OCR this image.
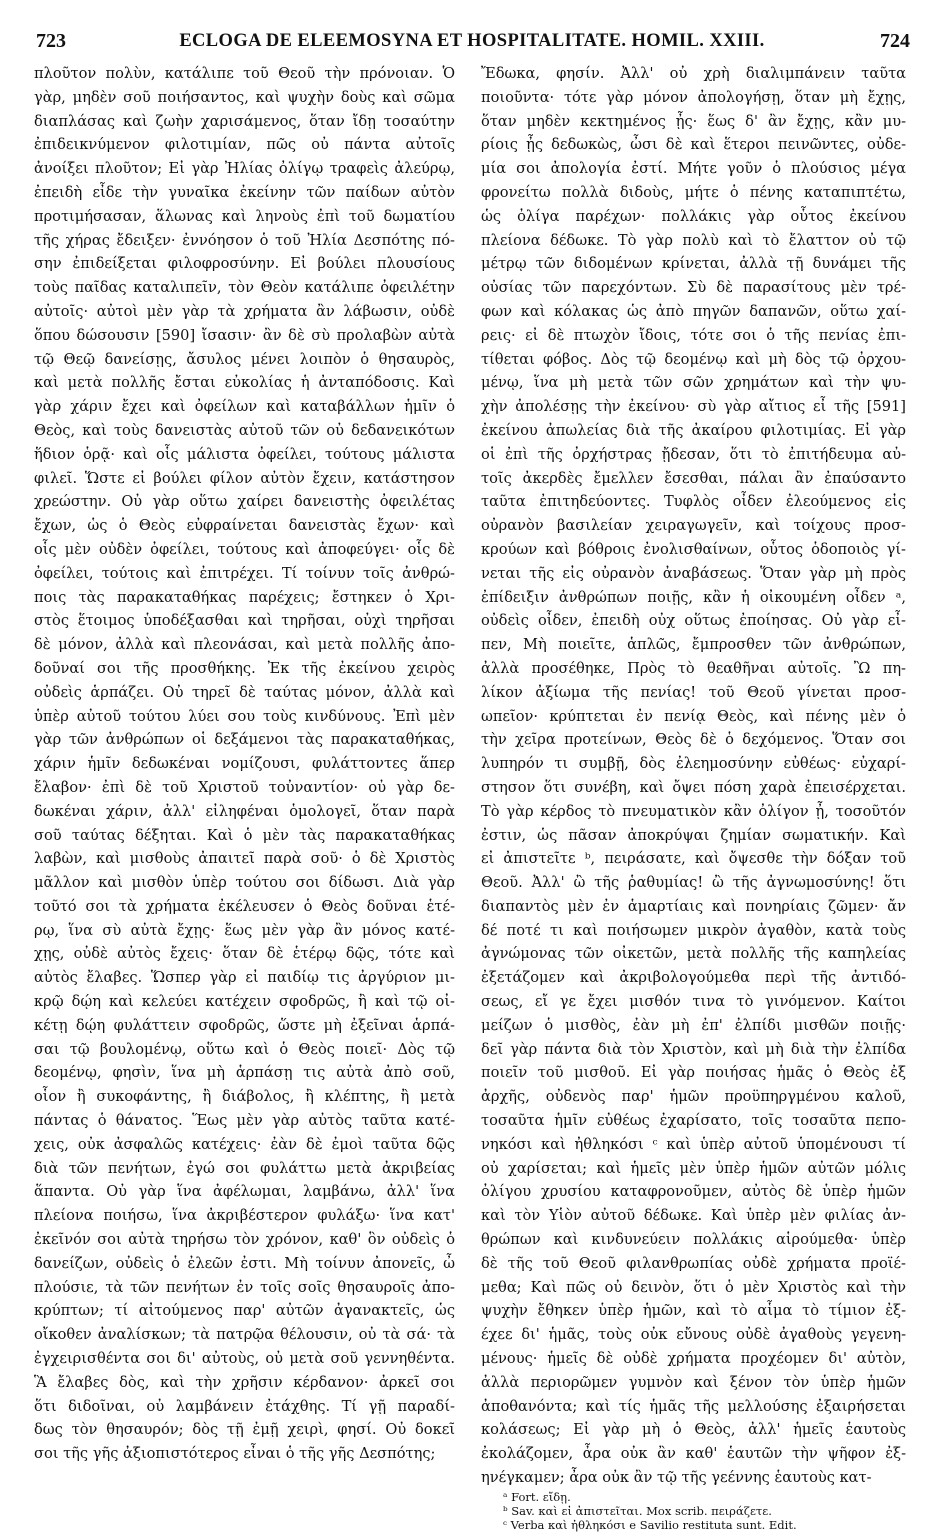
723	ECLOGA DE ELEEMOSYNA ET HOSPITALITATE. HOMIL. XXIII.	724
πλοῦτον πολὺν, κατάλιπε τοῦ Θεοῦ τὴν πρόνοιαν. Ὁ
γὰρ, μηδὲν σοῦ ποιήσαντος, καὶ ψυχὴν δοὺς καὶ σῶμα
διαπλάσας καὶ ζωὴν χαρισάμενος, ὅταν ἴδῃ τοσαύτην
ἐπιδεικνύμενον φιλοτιμίαν, πῶς οὐ πάντα αὐτοῖς
ἀνοίξει πλοῦτον; Εἰ γὰρ Ἠλίας ὀλίγῳ τραφεὶς ἀλεύρῳ,
ἐπειδὴ εἶδε τὴν γυναῖκα ἐκείνην τῶν παίδων αὐτὸν
προτιμήσασαν, ἅλωνας καὶ ληνοὺς ἐπὶ τοῦ δωματίου
τῆς χήρας ἔδειξεν· ἐννόησον ὁ τοῦ Ἠλία Δεσπότης πό-
σην ἐπιδείξεται φιλοφροσύνην. Εἰ βούλει πλουσίους
τοὺς παῖδας καταλιπεῖν, τὸν Θεὸν κατάλιπε ὀφειλέτην
αὐτοῖς· αὐτοὶ μὲν γὰρ τὰ χρήματα ἂν λάβωσιν, οὐδὲ
ὅπου δώσουσιν [590] ἴσασιν· ἂν δὲ σὺ προλαβὼν αὐτὰ
τῷ Θεῷ δανείσῃς, ἄσυλος μένει λοιπὸν ὁ θησαυρὸς,
καὶ μετὰ πολλῆς ἔσται εὐκολίας ἡ ἀνταπόδοσις. Καὶ
γὰρ χάριν ἔχει καὶ ὀφείλων καὶ καταβάλλων ἡμῖν ὁ
Θεὸς, καὶ τοὺς δανειστὰς αὐτοῦ τῶν οὐ δεδανεικότων
ἥδιον ὁρᾷ· καὶ οἷς μάλιστα ὀφείλει, τούτους μάλιστα
φιλεῖ. Ὥστε εἰ βούλει φίλον αὐτὸν ἔχειν, κατάστησον
χρεώστην. Οὐ γὰρ οὕτω χαίρει δανειστὴς ὀφειλέτας
ἔχων, ὡς ὁ Θεὸς εὐφραίνεται δανειστὰς ἔχων· καὶ
οἷς μὲν οὐδὲν ὀφείλει, τούτους καὶ ἀποφεύγει· οἷς δὲ
ὀφείλει, τούτοις καὶ ἐπιτρέχει. Τί τοίνυν τοῖς ἀνθρώ-
ποις τὰς παρακαταθήκας παρέχεις; ἔστηκεν ὁ Χρι-
στὸς ἕτοιμος ὑποδέξασθαι καὶ τηρῆσαι, οὐχὶ τηρῆσαι
δὲ μόνον, ἀλλὰ καὶ πλεονάσαι, καὶ μετὰ πολλῆς ἀπο-
δοῦναί σοι τῆς προσθήκης. Ἐκ τῆς ἐκείνου χειρὸς
οὐδεὶς ἁρπάζει. Οὐ τηρεῖ δὲ ταύτας μόνον, ἀλλὰ καὶ
ὑπὲρ αὐτοῦ τούτου λύει σου τοὺς κινδύνους. Ἐπὶ μὲν
γὰρ τῶν ἀνθρώπων οἱ δεξάμενοι τὰς παρακαταθήκας,
χάριν ἡμῖν δεδωκέναι νομίζουσι, φυλάττοντες ἅπερ
ἔλαβον· ἐπὶ δὲ τοῦ Χριστοῦ τοὐναντίον· οὐ γὰρ δε-
δωκέναι χάριν, ἀλλ' εἰληφέναι ὁμολογεῖ, ὅταν παρὰ
σοῦ ταύτας δέξηται. Καὶ ὁ μὲν τὰς παρακαταθήκας
λαβὼν, καὶ μισθοὺς ἀπαιτεῖ παρὰ σοῦ· ὁ δὲ Χριστὸς
μᾶλλον καὶ μισθὸν ὑπὲρ τούτου σοι δίδωσι. Διὰ γὰρ
τοῦτό σοι τὰ χρήματα ἐκέλευσεν ὁ Θεὸς δοῦναι ἑτέ-
ρῳ, ἵνα σὺ αὐτὰ ἔχῃς· ἕως μὲν γὰρ ἂν μόνος κατέ-
χῃς, οὐδὲ αὐτὸς ἔχεις· ὅταν δὲ ἑτέρῳ δῷς, τότε καὶ
αὐτὸς ἔλαβες. Ὥσπερ γὰρ εἰ παιδίῳ τις ἀργύριον μι-
κρῷ δῴη καὶ κελεύει κατέχειν σφοδρῶς, ἢ καὶ τῷ οἰ-
κέτῃ δῴη φυλάττειν σφοδρῶς, ὥστε μὴ ἐξεῖναι ἁρπά-
σαι τῷ βουλομένῳ, οὕτω καὶ ὁ Θεὸς ποιεῖ· Δὸς τῷ
δεομένῳ, φησὶν, ἵνα μὴ ἁρπάσῃ τις αὐτὰ ἀπὸ σοῦ,
οἷον ἢ συκοφάντης, ἢ διάβολος, ἢ κλέπτης, ἢ μετὰ
πάντας ὁ θάνατος. Ἕως μὲν γὰρ αὐτὸς ταῦτα κατέ-
χεις, οὐκ ἀσφαλῶς κατέχεις· ἐὰν δὲ ἐμοὶ ταῦτα δῷς
διὰ τῶν πενήτων, ἐγώ σοι φυλάττω μετὰ ἀκριβείας
ἅπαντα. Οὐ γὰρ ἵνα ἀφέλωμαι, λαμβάνω, ἀλλ' ἵνα
πλείονα ποιήσω, ἵνα ἀκριβέστερον φυλάξω· ἵνα κατ'
ἐκεῖνόν σοι αὐτὰ τηρήσω τὸν χρόνον, καθ' ὃν οὐδεὶς ὁ
δανείζων, οὐδεὶς ὁ ἐλεῶν ἐστι. Μὴ τοίνυν ἀπονεῖς, ὦ
πλούσιε, τὰ τῶν πενήτων ἐν τοῖς σοῖς θησαυροῖς ἀπο-
κρύπτων; τί αἰτούμενος παρ' αὐτῶν ἀγανακτεῖς, ὡς
οἴκοθεν ἀναλίσκων; τὰ πατρῷα θέλουσιν, οὐ τὰ σά· τὰ
ἐγχειρισθέντα σοι δι' αὐτοὺς, οὐ μετὰ σοῦ γεννηθέντα.
Ἃ ἔλαβες δὸς, καὶ τὴν χρῆσιν κέρδανον· ἀρκεῖ σοι
ὅτι διδοῖναι, οὐ λαμβάνειν ἐτάχθης. Τί γῇ παραδί-
δως τὸν θησαυρόν; δὸς τῇ ἐμῇ χειρὶ, φησί. Οὐ δοκεῖ
σοι τῆς γῆς ἀξιοπιστότερος εἶναι ὁ τῆς γῆς Δεσπότης;
Ἔδωκα, φησίν. Ἀλλ' οὐ χρὴ διαλιμπάνειν ταῦτα
ποιοῦντα· τότε γὰρ μόνον ἀπολογήσῃ, ὅταν μὴ ἔχῃς,
ὅταν μηδὲν κεκτημένος ᾖς· ἕως δ' ἂν ἔχῃς, κἂν μυ-
ρίοις ᾖς δεδωκὼς, ὦσι δὲ καὶ ἕτεροι πεινῶντες, οὐδε-
μία σοι ἀπολογία ἐστί. Μήτε γοῦν ὁ πλούσιος μέγα
φρονείτω πολλὰ διδοὺς, μήτε ὁ πένης καταπιπτέτω,
ὡς ὀλίγα παρέχων· πολλάκις γὰρ οὗτος ἐκείνου
πλείονα δέδωκε. Τὸ γὰρ πολὺ καὶ τὸ ἔλαττον οὐ τῷ
μέτρῳ τῶν διδομένων κρίνεται, ἀλλὰ τῇ δυνάμει τῆς
οὐσίας τῶν παρεχόντων. Σὺ δὲ παρασίτους μὲν τρέ-
φων καὶ κόλακας ὡς ἀπὸ πηγῶν δαπανῶν, οὕτω χαί-
ρεις· εἰ δὲ πτωχὸν ἴδοις, τότε σοι ὁ τῆς πενίας ἐπι-
τίθεται φόβος. Δὸς τῷ δεομένῳ καὶ μὴ δὸς τῷ ὀρχου-
μένῳ, ἵνα μὴ μετὰ τῶν σῶν χρημάτων καὶ τὴν ψυ-
χὴν ἀπολέσῃς τὴν ἐκείνου· σὺ γὰρ αἴτιος εἶ τῆς [591]
ἐκείνου ἀπωλείας διὰ τῆς ἀκαίρου φιλοτιμίας. Εἰ γὰρ
οἱ ἐπὶ τῆς ὀρχήστρας ᾔδεσαν, ὅτι τὸ ἐπιτήδευμα αὐ-
τοῖς ἀκερδὲς ἔμελλεν ἔσεσθαι, πάλαι ἂν ἐπαύσαντο
ταῦτα ἐπιτηδεύοντες. Τυφλὸς οἶδεν ἐλεούμενος εἰς
οὐρανὸν βασιλείαν χειραγωγεῖν, καὶ τοίχους προσ-
κρούων καὶ βόθροις ἐνολισθαίνων, οὗτος ὁδοποιὸς γί-
νεται τῆς εἰς οὐρανὸν ἀναβάσεως. Ὅταν γὰρ μὴ πρὸς
ἐπίδειξιν ἀνθρώπων ποιῇς, κἂν ἡ οἰκουμένη οἶδεν ᵃ,
οὐδεὶς οἶδεν, ἐπειδὴ οὐχ οὕτως ἐποίησας. Οὐ γὰρ εἶ-
πεν, Μὴ ποιεῖτε, ἁπλῶς, ἔμπροσθεν τῶν ἀνθρώπων,
ἀλλὰ προσέθηκε, Πρὸς τὸ θεαθῆναι αὐτοῖς. Ὢ πη-
λίκον ἀξίωμα τῆς πενίας! τοῦ Θεοῦ γίνεται προσ-
ωπεῖον· κρύπτεται ἐν πενίᾳ Θεὸς, καὶ πένης μὲν ὁ
τὴν χεῖρα προτείνων, Θεὸς δὲ ὁ δεχόμενος. Ὅταν σοι
λυπηρόν τι συμβῇ, δὸς ἐλεημοσύνην εὐθέως· εὐχαρί-
στησον ὅτι συνέβη, καὶ ὄψει πόση χαρὰ ἐπεισέρχεται.
Τὸ γὰρ κέρδος τὸ πνευματικὸν κἂν ὀλίγον ᾖ, τοσοῦτόν
ἐστιν, ὡς πᾶσαν ἀποκρύψαι ζημίαν σωματικήν. Καὶ
εἰ ἀπιστεῖτε ᵇ, πειράσατε, καὶ ὄψεσθε τὴν δόξαν τοῦ
Θεοῦ. Ἀλλ' ὢ τῆς ῥαθυμίας! ὢ τῆς ἀγνωμοσύνης! ὅτι
διαπαντὸς μὲν ἐν ἁμαρτίαις καὶ πονηρίαις ζῶμεν· ἄν
δέ ποτέ τι καὶ ποιήσωμεν μικρὸν ἀγαθὸν, κατὰ τοὺς
ἀγνώμονας τῶν οἰκετῶν, μετὰ πολλῆς τῆς καπηλείας
ἐξετάζομεν καὶ ἀκριβολογούμεθα περὶ τῆς ἀντιδό-
σεως, εἴ γε ἔχει μισθόν τινα τὸ γινόμενον. Καίτοι
μείζων ὁ μισθὸς, ἐὰν μὴ ἐπ' ἐλπίδι μισθῶν ποιῇς·
δεῖ γὰρ πάντα διὰ τὸν Χριστὸν, καὶ μὴ διὰ τὴν ἐλπίδα
ποιεῖν τοῦ μισθοῦ. Εἰ γὰρ ποιήσας ἡμᾶς ὁ Θεὸς ἐξ
ἀρχῆς, οὐδενὸς παρ' ἡμῶν προϋπηργμένου καλοῦ,
τοσαῦτα ἡμῖν εὐθέως ἐχαρίσατο, τοῖς τοσαῦτα πεπο-
νηκόσι καὶ ἠθληκόσι ᶜ καὶ ὑπὲρ αὐτοῦ ὑπομένουσι τί
οὐ χαρίσεται; καὶ ἡμεῖς μὲν ὑπὲρ ἡμῶν αὐτῶν μόλις
ὀλίγου χρυσίου καταφρονοῦμεν, αὐτὸς δὲ ὑπὲρ ἡμῶν
καὶ τὸν Υἱὸν αὐτοῦ δέδωκε. Καὶ ὑπὲρ μὲν φιλίας ἀν-
θρώπων καὶ κινδυνεύειν πολλάκις αἱρούμεθα· ὑπὲρ
δὲ τῆς τοῦ Θεοῦ φιλανθρωπίας οὐδὲ χρήματα προϊέ-
μεθα; Καὶ πῶς οὐ δεινὸν, ὅτι ὁ μὲν Χριστὸς καὶ τὴν
ψυχὴν ἔθηκεν ὑπὲρ ἡμῶν, καὶ τὸ αἷμα τὸ τίμιον ἐξ-
έχεε δι' ἡμᾶς, τοὺς οὐκ εὔνους οὐδὲ ἀγαθοὺς γεγενη-
μένους· ἡμεῖς δὲ οὐδὲ χρήματα προχέομεν δι' αὐτὸν,
ἀλλὰ περιορῶμεν γυμνὸν καὶ ξένον τὸν ὑπὲρ ἡμῶν
ἀποθανόντα; καὶ τίς ἡμᾶς τῆς μελλούσης ἐξαιρήσεται
κολάσεως; Εἰ γὰρ μὴ ὁ Θεὸς, ἀλλ' ἡμεῖς ἑαυτοὺς
ἐκολάζομεν, ἆρα οὐκ ἂν καθ' ἑαυτῶν τὴν ψῆφον ἐξ-
ηνέγκαμεν; ἆρα οὐκ ἂν τῷ τῆς γεέννης ἑαυτοὺς κατ-
ᵃ Fort. εἴδῃ.
ᵇ Sav. καὶ εἰ ἀπιστεῖται. Mox scrib. πειράζετε.
ᶜ Verba καὶ ἠθληκόσι e Savilio restituta sunt. Edit.
